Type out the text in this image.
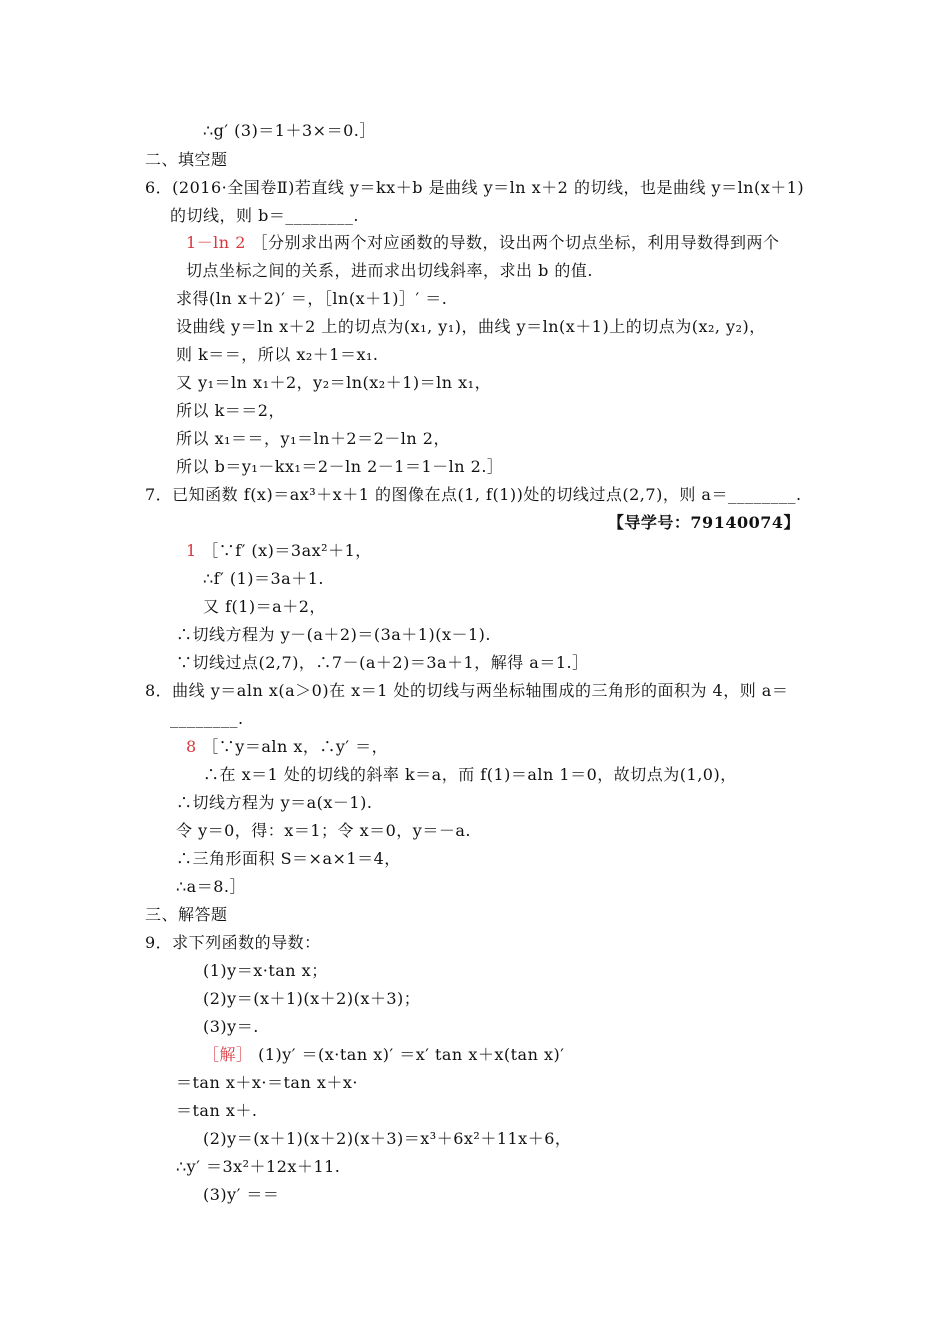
∴g′ (3)＝1＋3×＝0.］
二、填空题
6．(2016·全国卷Ⅱ)若直线 y＝kx＋b 是曲线 y＝ln x＋2 的切线，也是曲线 y＝ln(x＋1)
的切线，则 b＝________.
1－ln 2 ［分别求出两个对应函数的导数，设出两个切点坐标，利用导数得到两个
切点坐标之间的关系，进而求出切线斜率，求出 b 的值.
求得(ln x＋2)′ ＝，［ln(x＋1)］′ ＝.
设曲线 y＝ln x＋2 上的切点为(x₁, y₁)，曲线 y＝ln(x＋1)上的切点为(x₂, y₂)，
则 k＝＝，所以 x₂＋1＝x₁.
又 y₁＝ln x₁＋2，y₂＝ln(x₂＋1)＝ln x₁，
所以 k＝＝2，
所以 x₁＝＝，y₁＝ln＋2＝2－ln 2，
所以 b＝y₁－kx₁＝2－ln 2－1＝1－ln 2.］
7．已知函数 f(x)＝ax³＋x＋1 的图像在点(1, f(1))处的切线过点(2,7)，则 a＝________.
【导学号：79140074】
1 ［∵f′ (x)＝3ax²＋1，
∴f′ (1)＝3a＋1.
又 f(1)＝a＋2，
∴切线方程为 y－(a＋2)＝(3a＋1)(x－1).
∵切线过点(2,7)，∴7－(a＋2)＝3a＋1，解得 a＝1.］
8．曲线 y＝aln x(a＞0)在 x＝1 处的切线与两坐标轴围成的三角形的面积为 4，则 a＝
________.
8 ［∵y＝aln x，∴y′ ＝，
∴在 x＝1 处的切线的斜率 k＝a，而 f(1)＝aln 1＝0，故切点为(1,0)，
∴切线方程为 y＝a(x－1).
令 y＝0，得：x＝1；令 x＝0，y＝－a.
∴三角形面积 S＝×a×1＝4，
∴a＝8.］
三、解答题
9．求下列函数的导数：
(1)y＝x·tan x；
(2)y＝(x＋1)(x＋2)(x＋3)；
(3)y＝.
［解］ (1)y′ ＝(x·tan x)′ ＝x′ tan x＋x(tan x)′
＝tan x＋x·＝tan x＋x·
＝tan x＋.
(2)y＝(x＋1)(x＋2)(x＋3)＝x³＋6x²＋11x＋6，
∴y′ ＝3x²＋12x＋11.
(3)y′ ＝＝
